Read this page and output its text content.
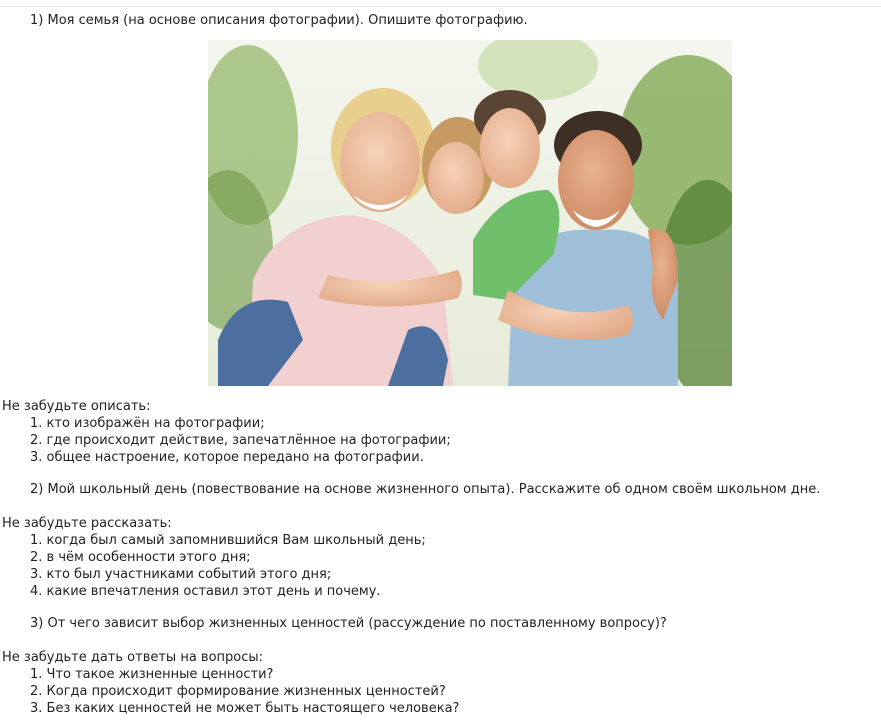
1) Моя семья (на основе описания фотографии). Опишите фотографию.
Не забудьте описать:
1. кто изображён на фотографии;
2. где происходит действие, запечатлённое на фотографии;
3. общее настроение, которое передано на фотографии.
2) Мой школьный день (повествование на основе жизненного опыта). Расскажите об одном своём школьном дне.
Не забудьте рассказать:
1. когда был самый запомнившийся Вам школьный день;
2. в чём особенности этого дня;
3. кто был участниками событий этого дня;
4. какие впечатления оставил этот день и почему.
3) От чего зависит выбор жизненных ценностей (рассуждение по поставленному вопросу)?
Не забудьте дать ответы на вопросы:
1. Что такое жизненные ценности?
2. Когда происходит формирование жизненных ценностей?
3. Без каких ценностей не может быть настоящего человека?
